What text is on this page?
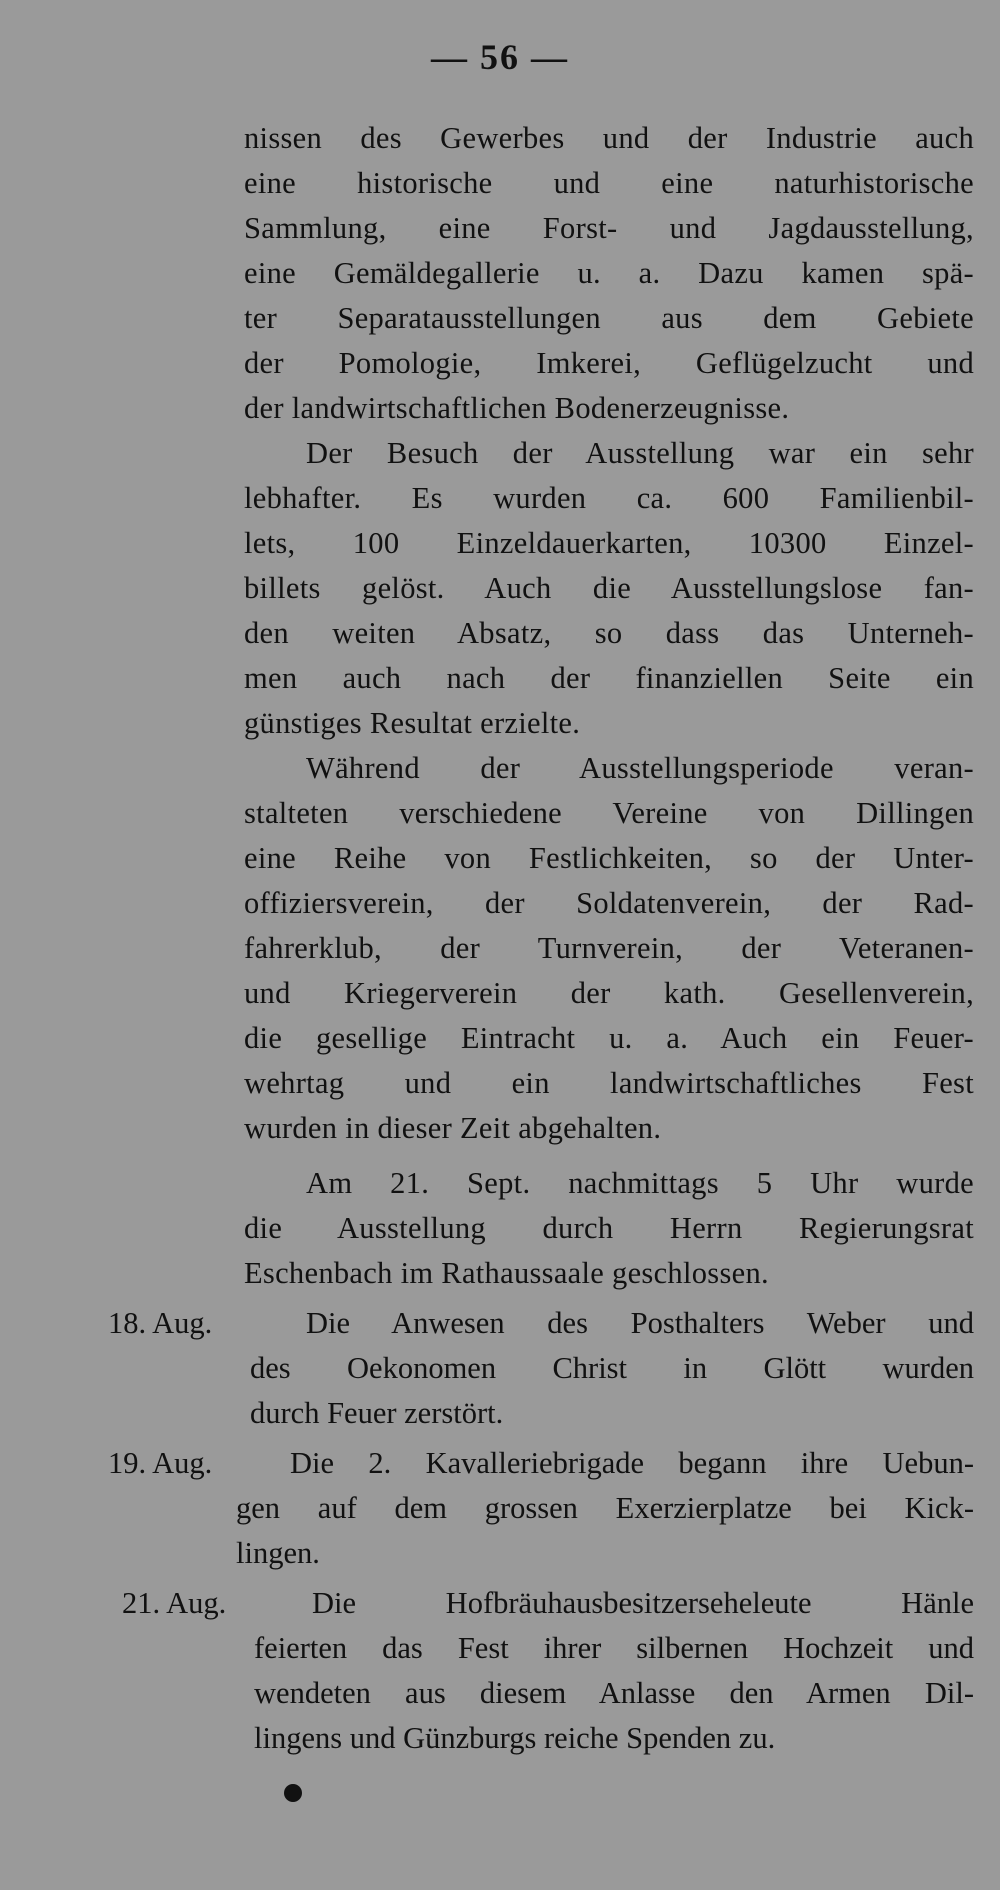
— 56 —
nissen des Gewerbes und der Industrie auch
eine historische und eine naturhistorische
Sammlung, eine Forst- und Jagdausstellung,
eine Gemäldegallerie u. a. Dazu kamen spä-
ter Separatausstellungen aus dem Gebiete
der Pomologie, Imkerei, Geflügelzucht und
der landwirtschaftlichen Bodenerzeugnisse.
Der Besuch der Ausstellung war ein sehr
lebhafter. Es wurden ca. 600 Familienbil-
lets, 100 Einzeldauerkarten, 10300 Einzel-
billets gelöst. Auch die Ausstellungslose fan-
den weiten Absatz, so dass das Unterneh-
men auch nach der finanziellen Seite ein
günstiges Resultat erzielte.
Während der Ausstellungsperiode veran-
stalteten verschiedene Vereine von Dillingen
eine Reihe von Festlichkeiten, so der Unter-
offiziersverein, der Soldatenverein, der Rad-
fahrerklub, der Turnverein, der Veteranen-
und Kriegerverein der kath. Gesellenverein,
die gesellige Eintracht u. a. Auch ein Feuer-
wehrtag und ein landwirtschaftliches Fest
wurden in dieser Zeit abgehalten.
Am 21. Sept. nachmittags 5 Uhr wurde
die Ausstellung durch Herrn Regierungsrat
Eschenbach im Rathaussaale geschlossen.
18. Aug.	Die Anwesen des Posthalters Weber und
des Oekonomen Christ in Glött wurden
durch Feuer zerstört.
19. Aug.	Die 2. Kavalleriebrigade begann ihre Uebun-
gen auf dem grossen Exerzierplatze bei Kick-
lingen.
21. Aug.	Die Hofbräuhausbesitzerseheleute Hänle
feierten das Fest ihrer silbernen Hochzeit und
wendeten aus diesem Anlasse den Armen Dil-
lingens und Günzburgs reiche Spenden zu.
